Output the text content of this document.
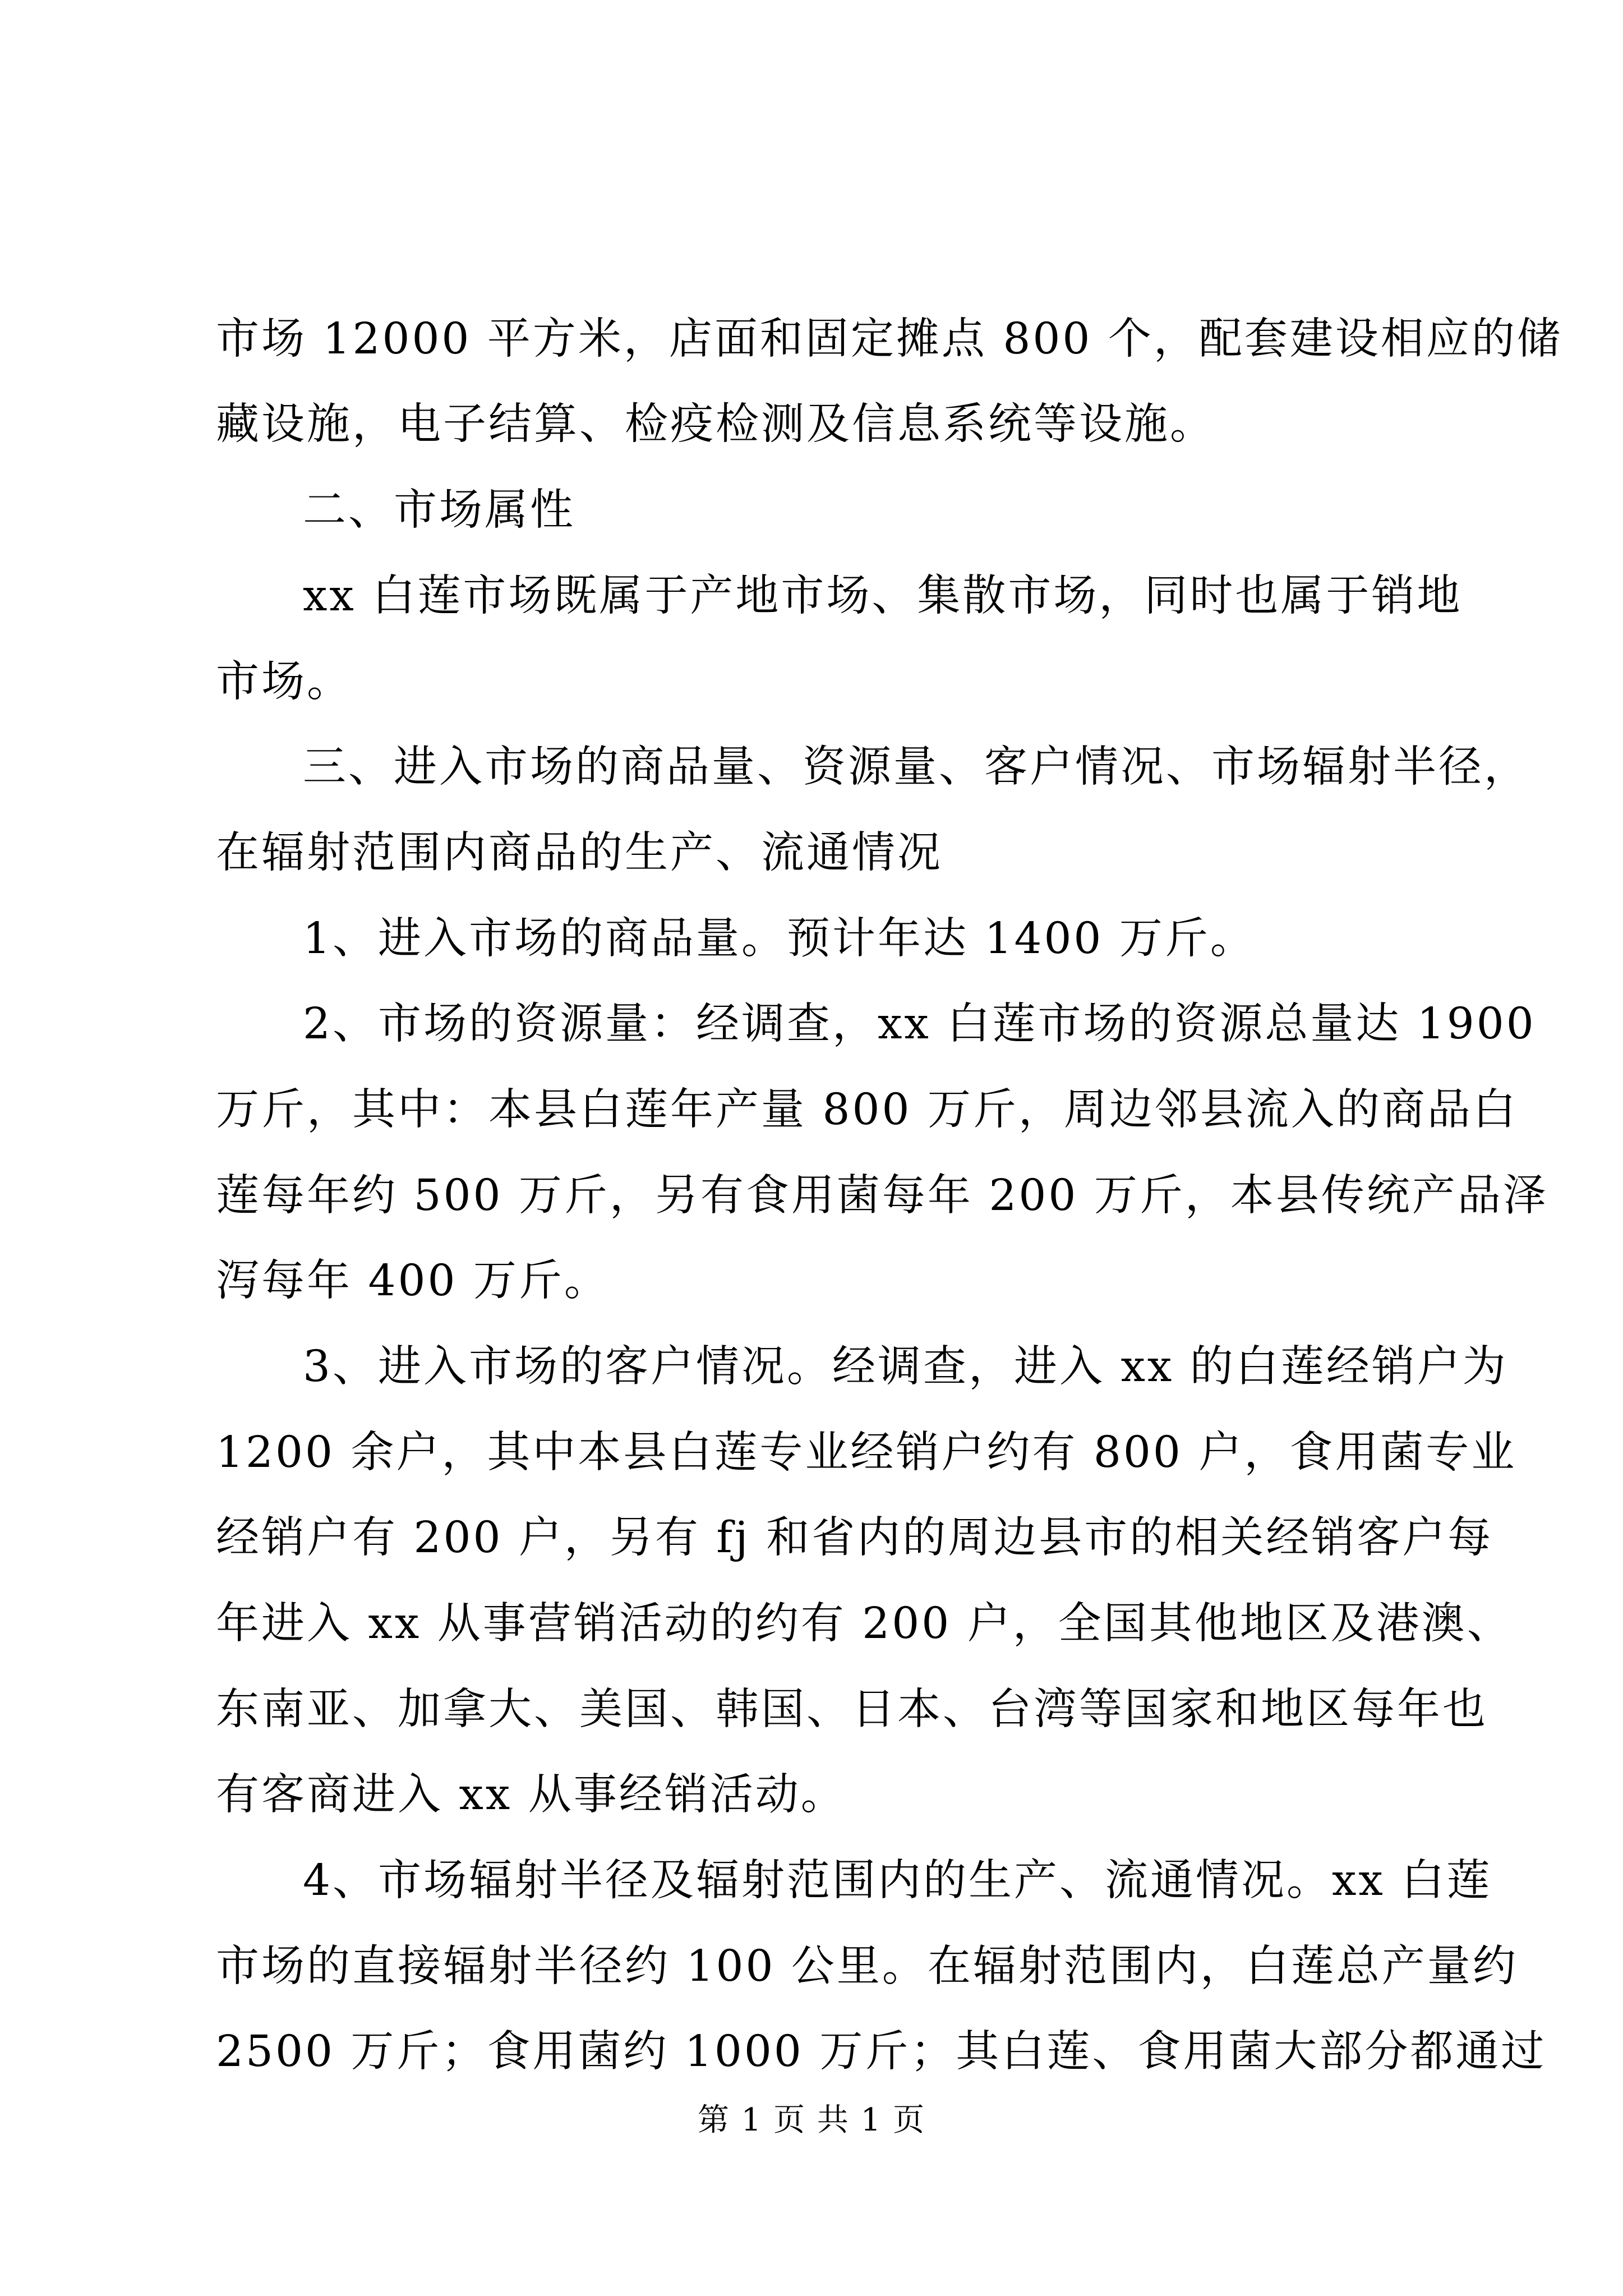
市场 12000 平方米，店面和固定摊点 800 个，配套建设相应的储
藏设施，电子结算、检疫检测及信息系统等设施。
二、市场属性
xx 白莲市场既属于产地市场、集散市场，同时也属于销地
市场。
三、进入市场的商品量、资源量、客户情况、市场辐射半径，
在辐射范围内商品的生产、流通情况
1、进入市场的商品量。预计年达 1400 万斤。
2、市场的资源量：经调查，xx 白莲市场的资源总量达 1900
万斤，其中：本县白莲年产量 800 万斤，周边邻县流入的商品白
莲每年约 500 万斤，另有食用菌每年 200 万斤，本县传统产品泽
泻每年 400 万斤。
3、进入市场的客户情况。经调查，进入 xx 的白莲经销户为
1200 余户，其中本县白莲专业经销户约有 800 户，食用菌专业
经销户有 200 户，另有 fj 和省内的周边县市的相关经销客户每
年进入 xx 从事营销活动的约有 200 户，全国其他地区及港澳、
东南亚、加拿大、美国、韩国、日本、台湾等国家和地区每年也
有客商进入 xx 从事经销活动。
4、市场辐射半径及辐射范围内的生产、流通情况。xx 白莲
市场的直接辐射半径约 100 公里。在辐射范围内，白莲总产量约
2500 万斤；食用菌约 1000 万斤；其白莲、食用菌大部分都通过
第 1 页 共 1 页
